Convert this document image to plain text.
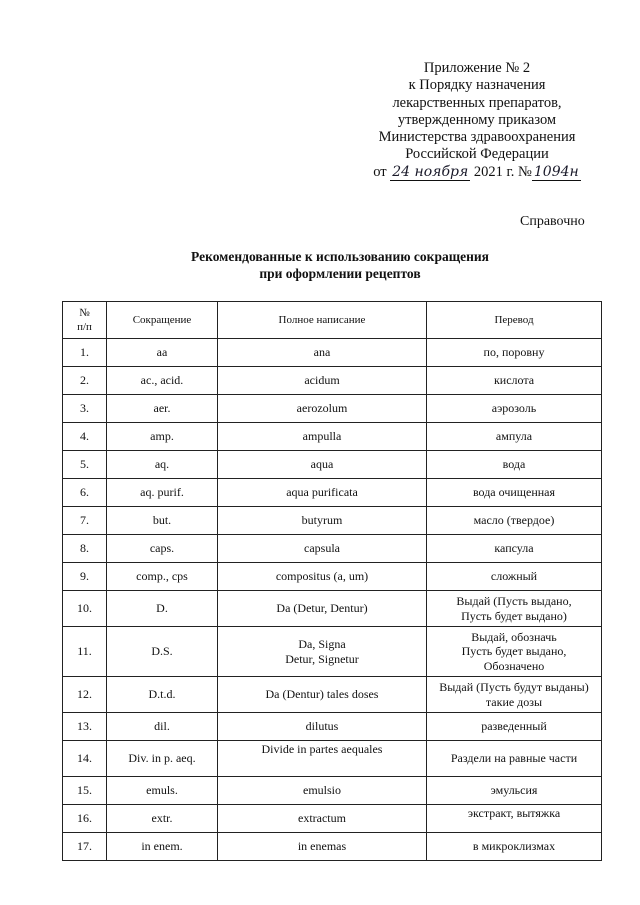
Приложение № 2
к Порядку назначения
лекарственных препаратов,
утвержденному приказом
Министерства здравоохранения
Российской Федерации
от 24 ноября 2021 г. № 1094н
Справочно
Рекомендованные к использованию сокращения
при оформлении рецептов
№
п/п	Сокращение	Полное написание	Перевод
1.	aa	ana	по, поровну

2.	ac., acid.	acidum	кислота

3.	aer.	aerozolum	аэрозоль

4.	amp.	ampulla	ампула

5.	aq.	aqua	вода

6.	aq. purif.	aqua purificata	вода очищенная

7.	but.	butyrum	масло (твердое)

8.	caps.	capsula	капсула

9.	comp., cps	compositus (a, um)	сложный

10.	D.	Da (Detur, Dentur)	Выдай (Пусть выдано,
Пусть будет выдано)

11.	D.S.	Da, Signa
Detur, Signetur	Выдай, обозначь
Пусть будет выдано,
Обозначено

12.	D.t.d.	Da (Dentur) tales doses	Выдай (Пусть будут выданы)
такие дозы

13.	dil.	dilutus	разведенный

14.	Div. in p. aeq.	Divide in partes aequales	Раздели на равные части

15.	emuls.	emulsio	эмульсия

16.	extr.	extractum	экстракт, вытяжка

17.	in enem.	in enemas	в микроклизмах
